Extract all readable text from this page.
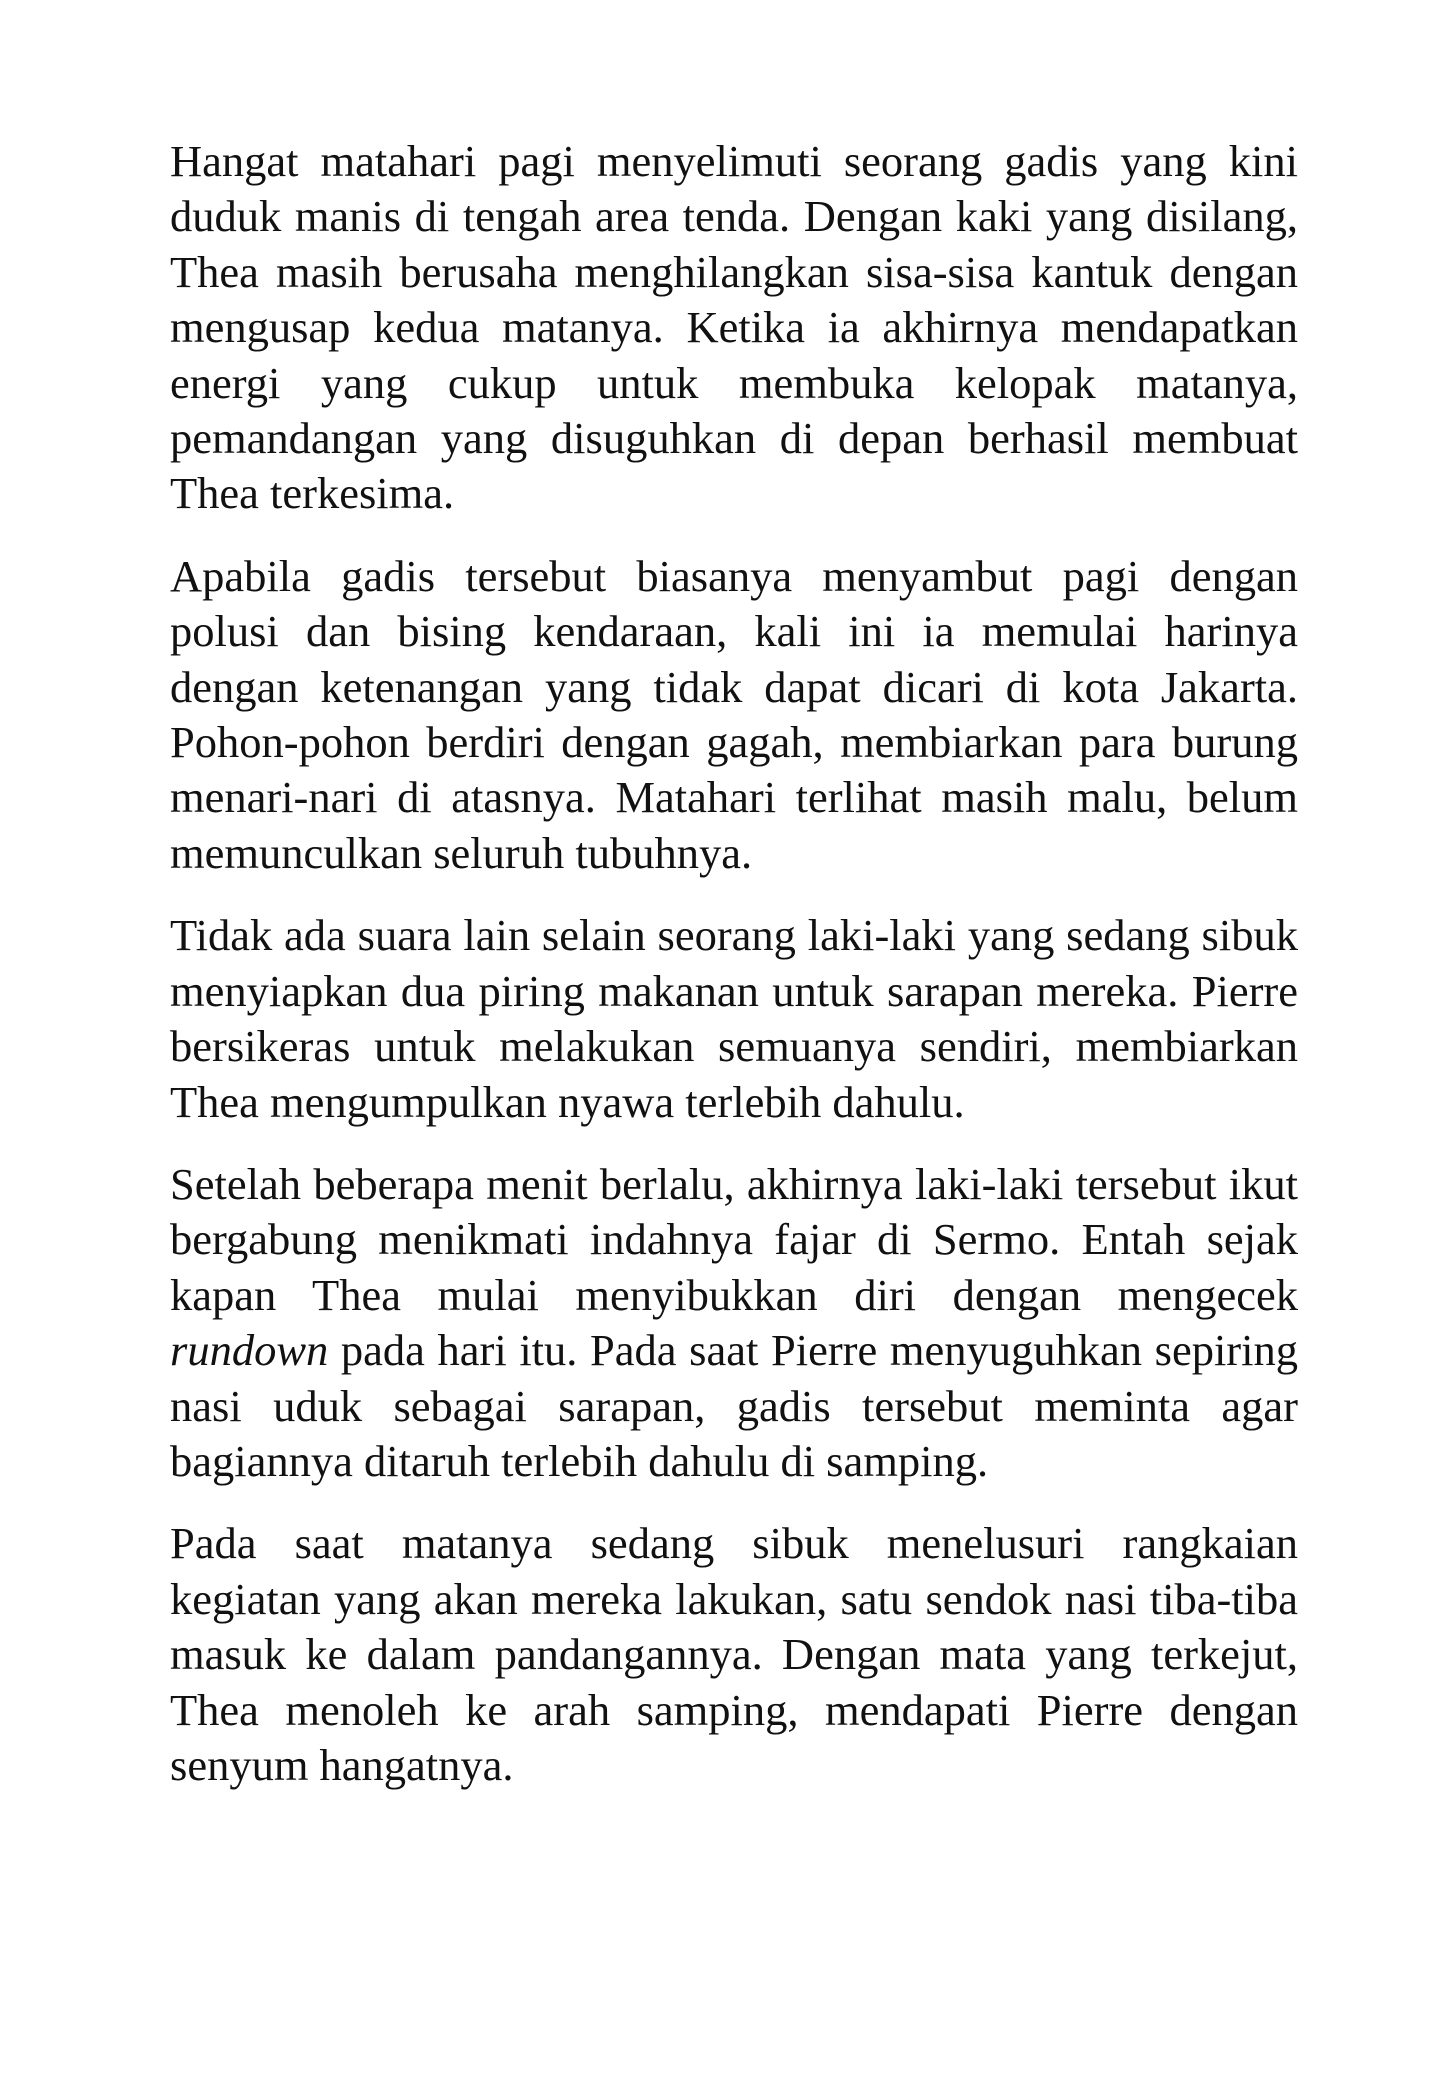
Hangat matahari pagi menyelimuti seorang gadis yang kini duduk manis di tengah area tenda. Dengan kaki yang disilang, Thea masih berusaha menghilangkan sisa-sisa kantuk dengan mengusap kedua matanya. Ketika ia akhirnya mendapatkan energi yang cukup untuk membuka kelopak matanya, pemandangan yang disuguhkan di depan berhasil membuat Thea terkesima.

Apabila gadis tersebut biasanya menyambut pagi dengan polusi dan bising kendaraan, kali ini ia memulai harinya dengan ketenangan yang tidak dapat dicari di kota Jakarta. Pohon-pohon berdiri dengan gagah, membiarkan para burung menari-nari di atasnya. Matahari terlihat masih malu, belum memunculkan seluruh tubuhnya.

Tidak ada suara lain selain seorang laki-laki yang sedang sibuk menyiapkan dua piring makanan untuk sarapan mereka. Pierre bersikeras untuk melakukan semuanya sendiri, membiarkan Thea mengumpulkan nyawa terlebih dahulu.

Setelah beberapa menit berlalu, akhirnya laki-laki tersebut ikut bergabung menikmati indahnya fajar di Sermo. Entah sejak kapan Thea mulai menyibukkan diri dengan mengecek rundown pada hari itu. Pada saat Pierre menyuguhkan sepiring nasi uduk sebagai sarapan, gadis tersebut meminta agar bagiannya ditaruh terlebih dahulu di samping.

Pada saat matanya sedang sibuk menelusuri rangkaian kegiatan yang akan mereka lakukan, satu sendok nasi tiba-tiba masuk ke dalam pandangannya. Dengan mata yang terkejut, Thea menoleh ke arah samping, mendapati Pierre dengan senyum hangatnya.
